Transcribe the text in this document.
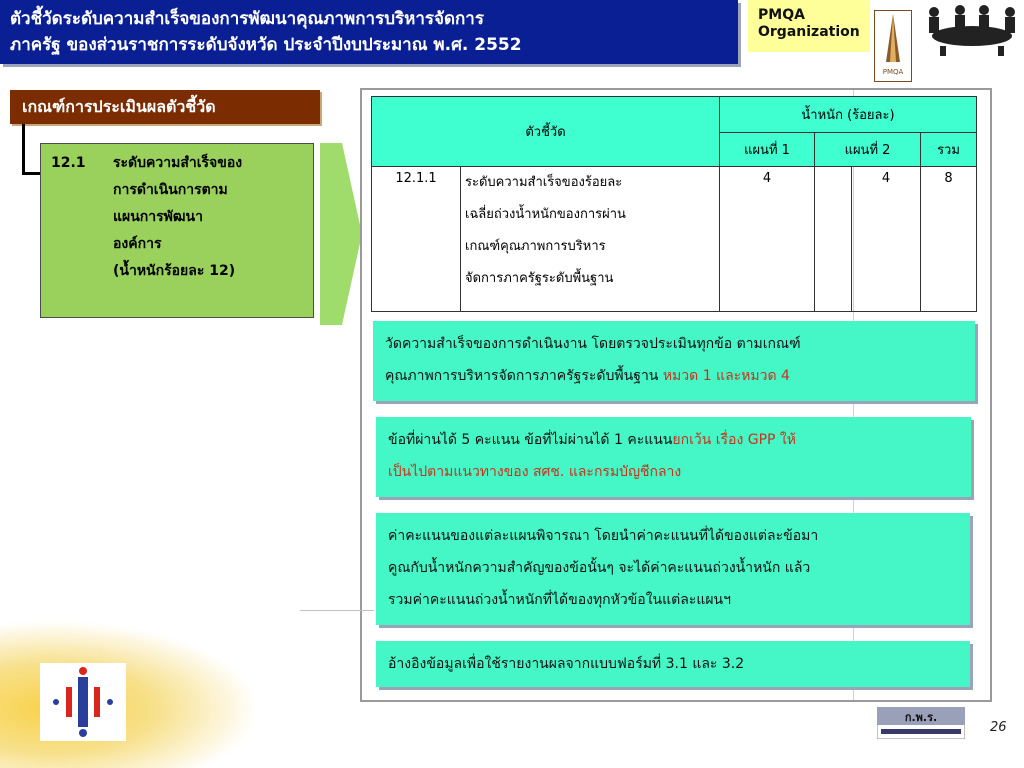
ตัวชี้วัดระดับความสำเร็จของการพัฒนาคุณภาพการบริหารจัดการ
ภาครัฐ ของส่วนราชการระดับจังหวัด ประจำปีงบประมาณ พ.ศ. 2552
PMQA
Organization
PMQA
เกณฑ์การประเมินผลตัวชี้วัด
12.1 ระดับความสำเร็จของ
การดำเนินการตาม
แผนการพัฒนา
องค์การ
(น้ำหนักร้อยละ 12)
ตัวชี้วัด		น้ำหนัก (ร้อยละ)			
		แผนที่ 1	แผนที่ 2		รวม
12.1.1	ระดับความสำเร็จของร้อยละ
เฉลี่ยถ่วงน้ำหนักของการผ่าน
เกณฑ์คุณภาพการบริหาร
จัดการภาครัฐระดับพื้นฐาน	4		4	8
วัดความสำเร็จของการดำเนินงาน โดยตรวจประเมินทุกข้อ ตามเกณฑ์
คุณภาพการบริหารจัดการภาครัฐระดับพื้นฐาน หมวด 1 และหมวด 4
ข้อที่ผ่านได้ 5 คะแนน ข้อที่ไม่ผ่านได้ 1 คะแนนยกเว้น เรื่อง GPP ให้
เป็นไปตามแนวทางของ สศช. และกรมบัญชีกลาง
ค่าคะแนนของแต่ละแผนพิจารณา โดยนำค่าคะแนนที่ได้ของแต่ละข้อมา
คูณกับน้ำหนักความสำคัญของข้อนั้นๆ จะได้ค่าคะแนนถ่วงน้ำหนัก แล้ว
รวมค่าคะแนนถ่วงน้ำหนักที่ได้ของทุกหัวข้อในแต่ละแผนฯ
อ้างอิงข้อมูลเพื่อใช้รายงานผลจากแบบฟอร์มที่ 3.1 และ 3.2
ก.พ.ร.
26
